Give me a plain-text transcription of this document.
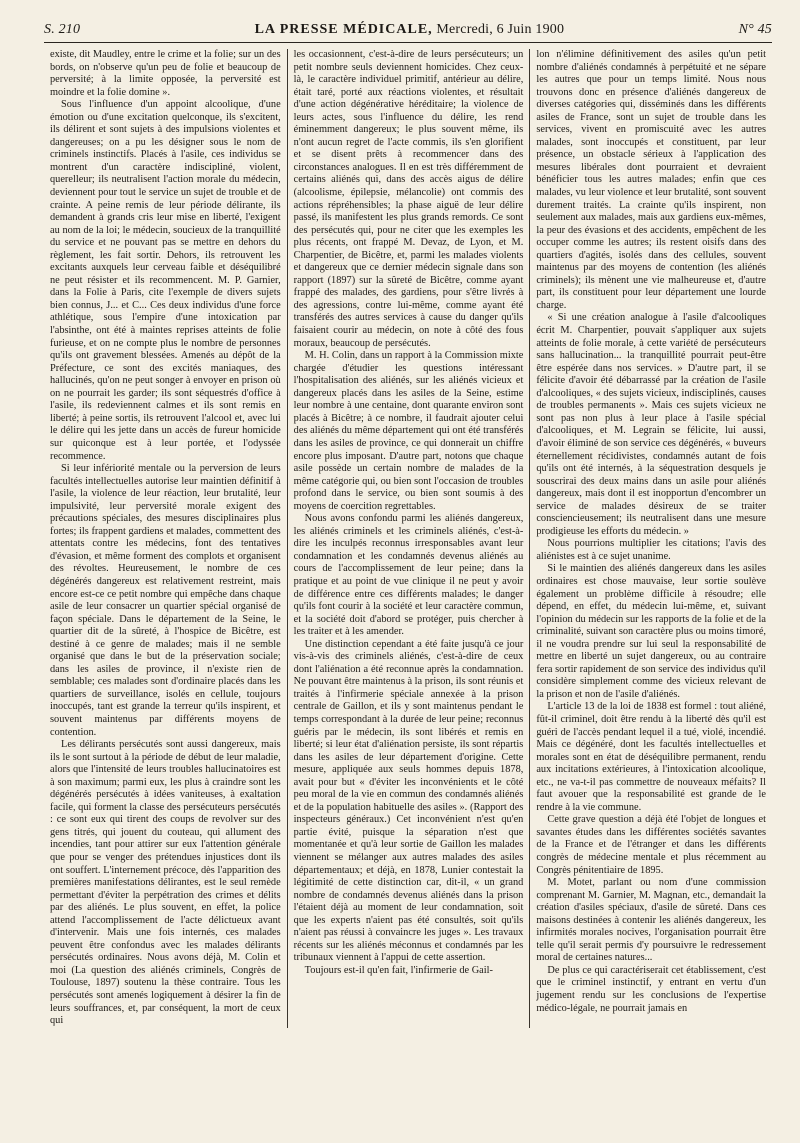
S. 210	LA PRESSE MÉDICALE, Mercredi, 6 Juin 1900	N° 45

existe, dit Maudley, entre le crime et la folie; sur un des bords, on n'observe qu'un peu de folie et beaucoup de perversité; à la limite opposée, la perversité est moindre et la folie domine ».

Sous l'influence d'un appoint alcoolique, d'une émotion ou d'une excitation quelconque, ils s'excitent, ils délirent et sont sujets à des impulsions violentes et dangereuses; on a pu les désigner sous le nom de criminels instinctifs. Placés à l'asile, ces individus se montrent d'un caractère indiscipliné, violent, querelleur; ils neutralisent l'action morale du médecin, deviennent pour tout le service un sujet de trouble et de crainte. A peine remis de leur période délirante, ils demandent à grands cris leur mise en liberté, l'exigent au nom de la loi; le médecin, soucieux de la tranquillité du service et ne pouvant pas se mettre en dehors du règlement, les fait sortir. Dehors, ils retrouvent les excitants auxquels leur cerveau faible et déséquilibré ne peut résister et ils recommencent. M. P. Garnier, dans la Folie à Paris, cite l'exemple de divers sujets bien connus, J... et C... Ces deux individus d'une force athlétique, sous l'empire d'une intoxication par l'absinthe, ont été à maintes reprises atteints de folie furieuse, et on ne compte plus le nombre de personnes qu'ils ont gravement blessées. Amenés au dépôt de la Préfecture, ce sont des excités maniaques, des hallucinés, qu'on ne peut songer à envoyer en prison où on ne pourrait les garder; ils sont séquestrés d'office à l'asile, ils redeviennent calmes et ils sont remis en liberté; à peine sortis, ils retrouvent l'alcool et, avec lui le délire qui les jette dans un accès de fureur homicide sur quiconque est à leur portée, et l'odyssée recommence.

Si leur infériorité mentale ou la perversion de leurs facultés intellectuelles autorise leur maintien définitif à l'asile, la violence de leur réaction, leur brutalité, leur impulsivité, leur perversité morale exigent des précautions spéciales, des mesures disciplinaires plus fortes; ils frappent gardiens et malades, commettent des attentats contre les médecins, font des tentatives d'évasion, et même forment des complots et organisent des révoltes. Heureusement, le nombre de ces dégénérés dangereux est relativement restreint, mais encore est-ce ce petit nombre qui empêche dans chaque asile de leur consacrer un quartier spécial organisé de façon spéciale. Dans le département de la Seine, le quartier dit de la sûreté, à l'hospice de Bicêtre, est destiné à ce genre de malades; mais il ne semble organisé que dans le but de la préservation sociale; dans les asiles de province, il n'existe rien de semblable; ces malades sont d'ordinaire placés dans les quartiers de surveillance, isolés en cellule, toujours inoccupés, tant est grande la terreur qu'ils inspirent, et souvent maintenus par différents moyens de contention.

Les délirants persécutés sont aussi dangereux, mais ils le sont surtout à la période de début de leur maladie, alors que l'intensité de leurs troubles hallucinatoires est à son maximum; parmi eux, les plus à craindre sont les dégénérés persécutés à idées vaniteuses, à exaltation facile, qui forment la classe des persécuteurs persécutés : ce sont eux qui tirent des coups de revolver sur des gens titrés, qui jouent du couteau, qui allument des incendies, tant pour attirer sur eux l'attention générale que pour se venger des prétendues injustices dont ils ont souffert. L'internement précoce, dès l'apparition des premières manifestations délirantes, est le seul remède permettant d'éviter la perpétration des crimes et délits par des aliénés. Le plus souvent, en effet, la police attend l'accomplissement de l'acte délictueux avant d'intervenir. Mais une fois internés, ces malades peuvent être confondus avec les malades délirants persécutés ordinaires. Nous avons déjà, M. Colin et moi (La question des aliénés criminels, Congrès de Toulouse, 1897) soutenu la thèse contraire. Tous les persécutés sont amenés logiquement à désirer la fin de leurs souffrances, et, par conséquent, la mort de ceux qui

les occasionnent, c'est-à-dire de leurs persécuteurs; un petit nombre seuls deviennent homicides. Chez ceux-là, le caractère individuel primitif, antérieur au délire, était taré, porté aux réactions violentes, et résultait d'une action dégénérative héréditaire; la violence de leurs actes, sous l'influence du délire, les rend éminemment dangereux; le plus souvent même, ils n'ont aucun regret de l'acte commis, ils s'en glorifient et se disent prêts à recommencer dans des circonstances analogues. Il en est très différemment de certains aliénés qui, dans des accès aigus de délire (alcoolisme, épilepsie, mélancolie) ont commis des actions répréhensibles; la phase aiguë de leur délire passé, ils manifestent les plus grands remords. Ce sont des persécutés qui, pour ne citer que les exemples les plus récents, ont frappé M. Devaz, de Lyon, et M. Charpentier, de Bicêtre, et, parmi les malades violents et dangereux que ce dernier médecin signale dans son rapport (1897) sur la sûreté de Bicêtre, comme ayant frappé des malades, des gardiens, pour s'être livrés à des agressions, contre lui-même, comme ayant été transférés des autres services à cause du danger qu'ils faisaient courir au médecin, on note à côté des fous moraux, beaucoup de persécutés.

M. H. Colin, dans un rapport à la Commission mixte chargée d'étudier les questions intéressant l'hospitalisation des aliénés, sur les aliénés vicieux et dangereux placés dans les asiles de la Seine, estime leur nombre à une centaine, dont quarante environ sont placés à Bicêtre; à ce nombre, il faudrait ajouter celui des aliénés du même département qui ont été transférés dans les asiles de province, ce qui donnerait un chiffre encore plus imposant. D'autre part, notons que chaque asile possède un certain nombre de malades de la même catégorie qui, ou bien sont l'occasion de troubles profond dans le service, ou bien sont soumis à des moyens de coercition regrettables.

Nous avons confondu parmi les aliénés dangereux, les aliénés criminels et les criminels aliénés, c'est-à-dire les inculpés reconnus irresponsables avant leur condamnation et les condamnés devenus aliénés au cours de l'accomplissement de leur peine; dans la pratique et au point de vue clinique il ne peut y avoir de différence entre ces différents malades; le danger qu'ils font courir à la société et leur caractère commun, et la société doit d'abord se protéger, puis chercher à les traiter et à les amender.

Une distinction cependant a été faite jusqu'à ce jour vis-à-vis des criminels aliénés, c'est-à-dire de ceux dont l'aliénation a été reconnue après la condamnation. Ne pouvant être maintenus à la prison, ils sont réunis et traités à l'infirmerie spéciale annexée à la prison centrale de Gaillon, et ils y sont maintenus pendant le temps correspondant à la durée de leur peine; reconnus guéris par le médecin, ils sont libérés et remis en liberté; si leur état d'aliénation persiste, ils sont répartis dans les asiles de leur département d'origine. Cette mesure, appliquée aux seuls hommes depuis 1878, avait pour but « d'éviter les inconvénients et le côté peu moral de la vie en commun des condamnés aliénés et de la population habituelle des asiles ». (Rapport des inspecteurs généraux.) Cet inconvénient n'est qu'en partie évité, puisque la séparation n'est que momentanée et qu'à leur sortie de Gaillon les malades viennent se mélanger aux autres malades des asiles départementaux; et déjà, en 1878, Lunier contestait la légitimité de cette distinction car, dit-il, « un grand nombre de condamnés devenus aliénés dans la prison l'étaient déjà au moment de leur condamnation, soit que les experts n'aient pas été consultés, soit qu'ils n'aient pas réussi à convaincre les juges ». Les travaux récents sur les aliénés méconnus et condamnés par les tribunaux viennent à l'appui de cette assertion.

Toujours est-il qu'en fait, l'infirmerie de Gail-

lon n'élimine définitivement des asiles qu'un petit nombre d'aliénés condamnés à perpétuité et ne sépare les autres que pour un temps limité. Nous nous trouvons donc en présence d'aliénés dangereux de diverses catégories qui, disséminés dans les différents asiles de France, sont un sujet de trouble dans les services, vivent en promiscuité avec les autres malades, sont inoccupés et constituent, par leur présence, un obstacle sérieux à l'application des mesures libérales dont pourraient et devraient bénéficier tous les autres malades; enfin que ces malades, vu leur violence et leur brutalité, sont souvent durement traités. La crainte qu'ils inspirent, non seulement aux malades, mais aux gardiens eux-mêmes, la peur des évasions et des accidents, empêchent de les occuper comme les autres; ils restent oisifs dans des quartiers d'agités, isolés dans des cellules, souvent maintenus par des moyens de contention (les aliénés criminels); ils mènent une vie malheureuse et, d'autre part, ils constituent pour leur département une lourde charge.

« Si une création analogue à l'asile d'alcooliques écrit M. Charpentier, pouvait s'appliquer aux sujets atteints de folie morale, à cette variété de persécuteurs sans hallucination... la tranquillité pourrait peut-être être espérée dans nos services. » D'autre part, il se félicite d'avoir été débarrassé par la création de l'asile d'alcooliques, « des sujets vicieux, indisciplinés, causes de troubles permanents ». Mais ces sujets vicieux ne sont pas non plus à leur place à l'asile spécial d'alcooliques, et M. Legrain se félicite, lui aussi, d'avoir éliminé de son service ces dégénérés, « buveurs éternellement récidivistes, condamnés autant de fois qu'ils ont été internés, à la séquestration desquels je souscrirai des deux mains dans un asile pour aliénés dangereux, mais dont il est inopportun d'encombrer un service de malades désireux de se traiter consciencieusement; ils neutralisent dans une mesure prodigieuse les efforts du médecin. »

Nous pourrions multiplier les citations; l'avis des aliénistes est à ce sujet unanime.

Si le maintien des aliénés dangereux dans les asiles ordinaires est chose mauvaise, leur sortie soulève également un problème difficile à résoudre; elle dépend, en effet, du médecin lui-même, et, suivant l'opinion du médecin sur les rapports de la folie et de la criminalité, suivant son caractère plus ou moins timoré, il ne voudra prendre sur lui seul la responsabilité de mettre en liberté un sujet dangereux, ou au contraire fera sortir rapidement de son service des individus qu'il considère simplement comme des vicieux relevant de la prison et non de l'asile d'aliénés.

L'article 13 de la loi de 1838 est formel : tout aliéné, fût-il criminel, doit être rendu à la liberté dès qu'il est guéri de l'accès pendant lequel il a tué, violé, incendié. Mais ce dégénéré, dont les facultés intellectuelles et morales sont en état de déséquilibre permanent, rendu aux incitations extérieures, à l'intoxication alcoolique, etc., ne va-t-il pas commettre de nouveaux méfaits? Il faut avouer que la responsabilité est grande de le rendre à la vie commune.

Cette grave question a déjà été l'objet de longues et savantes études dans les différentes sociétés savantes de la France et de l'étranger et dans les différents congrès de médecine mentale et plus récemment au Congrès pénitentiaire de 1895.

M. Motet, parlant ou nom d'une commission comprenant M. Garnier, M. Magnan, etc., demandait la création d'asiles spéciaux, d'asile de sûreté. Dans ces maisons destinées à contenir les aliénés dangereux, les infirmités morales nocives, l'organisation pourrait être telle qu'il serait permis d'y poursuivre le redressement moral de certaines natures...

De plus ce qui caractériserait cet établissement, c'est que le criminel instinctif, y entrant en vertu d'un jugement rendu sur les conclusions de l'expertise médico-légale, ne pourrait jamais en
